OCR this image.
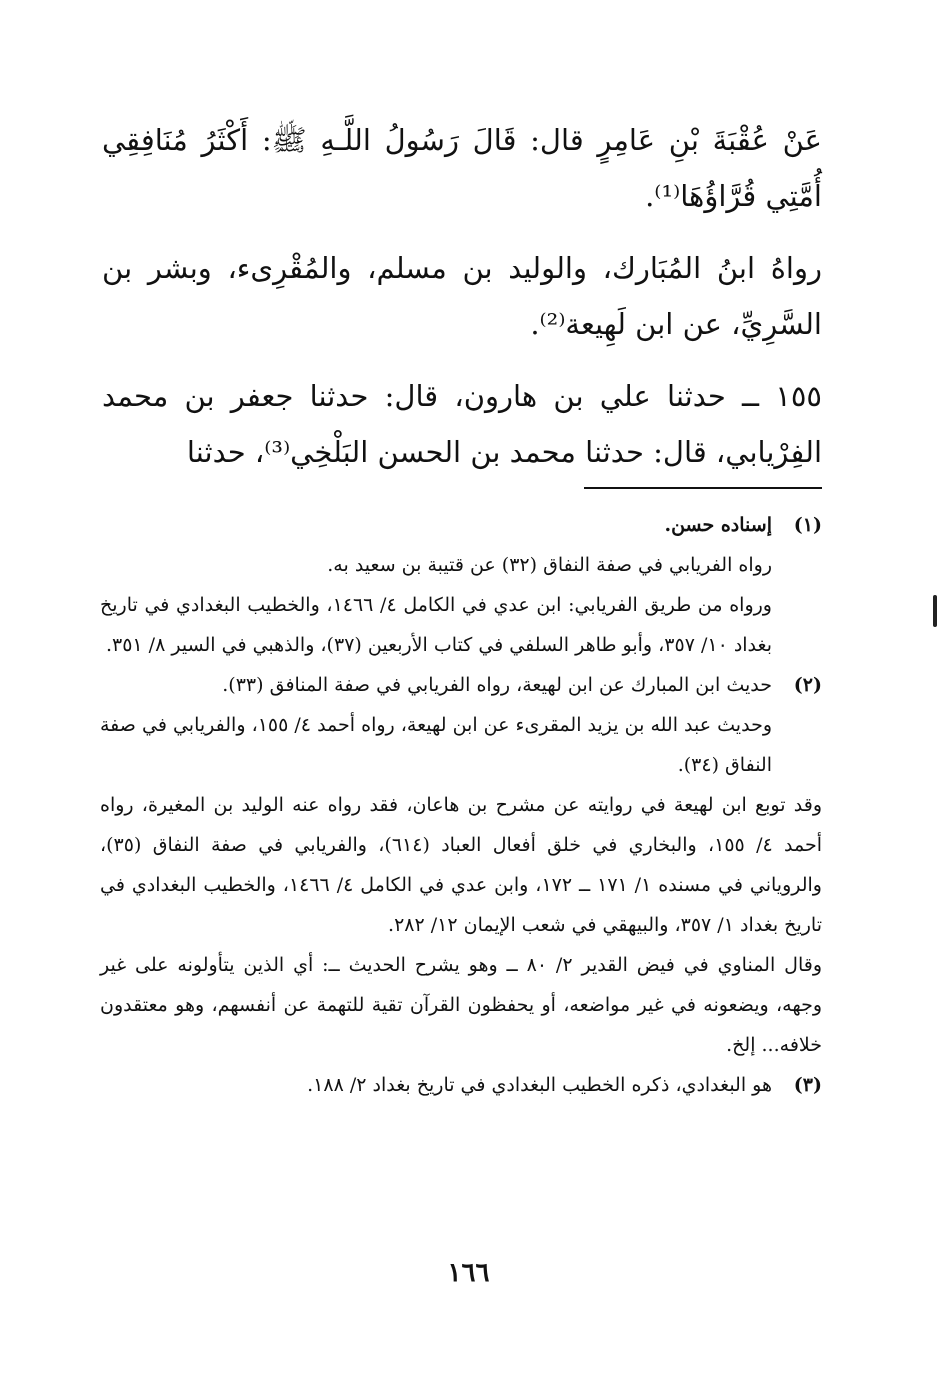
عَنْ عُقْبَةَ بْنِ عَامِرٍ قال: قَالَ رَسُولُ اللَّـهِ ﷺ: أَكْثَرُ مُنَافِقِي أُمَّتِي قُرَّاؤُهَا⁽¹⁾.

رواهُ ابنُ المُبَارك، والوليد بن مسلم، والمُقْرِىء، وبشر بن السَّرِيِّ، عن ابن لَهِيعة⁽²⁾.

١٥٥ ــ حدثنا علي بن هارون، قال: حدثنا جعفر بن محمد الفِرْيابي، قال: حدثنا محمد بن الحسن البَلْخِي⁽³⁾، حدثنا

(١)
إسناده حسن.
رواه الفريابي في صفة النفاق (٣٢) عن قتيبة بن سعيد به.
ورواه من طريق الفريابي: ابن عدي في الكامل ٤/ ١٤٦٦، والخطيب البغدادي في تاريخ بغداد ١٠/ ٣٥٧، وأبو طاهر السلفي في كتاب الأربعين (٣٧)، والذهبي في السير ٨/ ٣٥١.
(٢)
حديث ابن المبارك عن ابن لهيعة، رواه الفريابي في صفة المنافق (٣٣).
وحديث عبد الله بن يزيد المقرىء عن ابن لهيعة، رواه أحمد ٤/ ١٥٥، والفريابي في صفة النفاق (٣٤).
وقد توبع ابن لهيعة في روايته عن مشرح بن هاعان، فقد رواه عنه الوليد بن المغيرة، رواه أحمد ٤/ ١٥٥، والبخاري في خلق أفعال العباد (٦١٤)، والفريابي في صفة النفاق (٣٥)، والروياني في مسنده ١/ ١٧١ ــ ١٧٢، وابن عدي في الكامل ٤/ ١٤٦٦، والخطيب البغدادي في تاريخ بغداد ١/ ٣٥٧، والبيهقي في شعب الإيمان ١٢/ ٢٨٢.
وقال المناوي في فيض القدير ٢/ ٨٠ ــ وهو يشرح الحديث ــ: أي الذين يتأولونه على غير وجهه، ويضعونه في غير مواضعه، أو يحفظون القرآن تقية للتهمة عن أنفسهم، وهو معتقدون خلافه... إلخ.
(٣)
هو البغدادي، ذكره الخطيب البغدادي في تاريخ بغداد ٢/ ١٨٨.
١٦٦
